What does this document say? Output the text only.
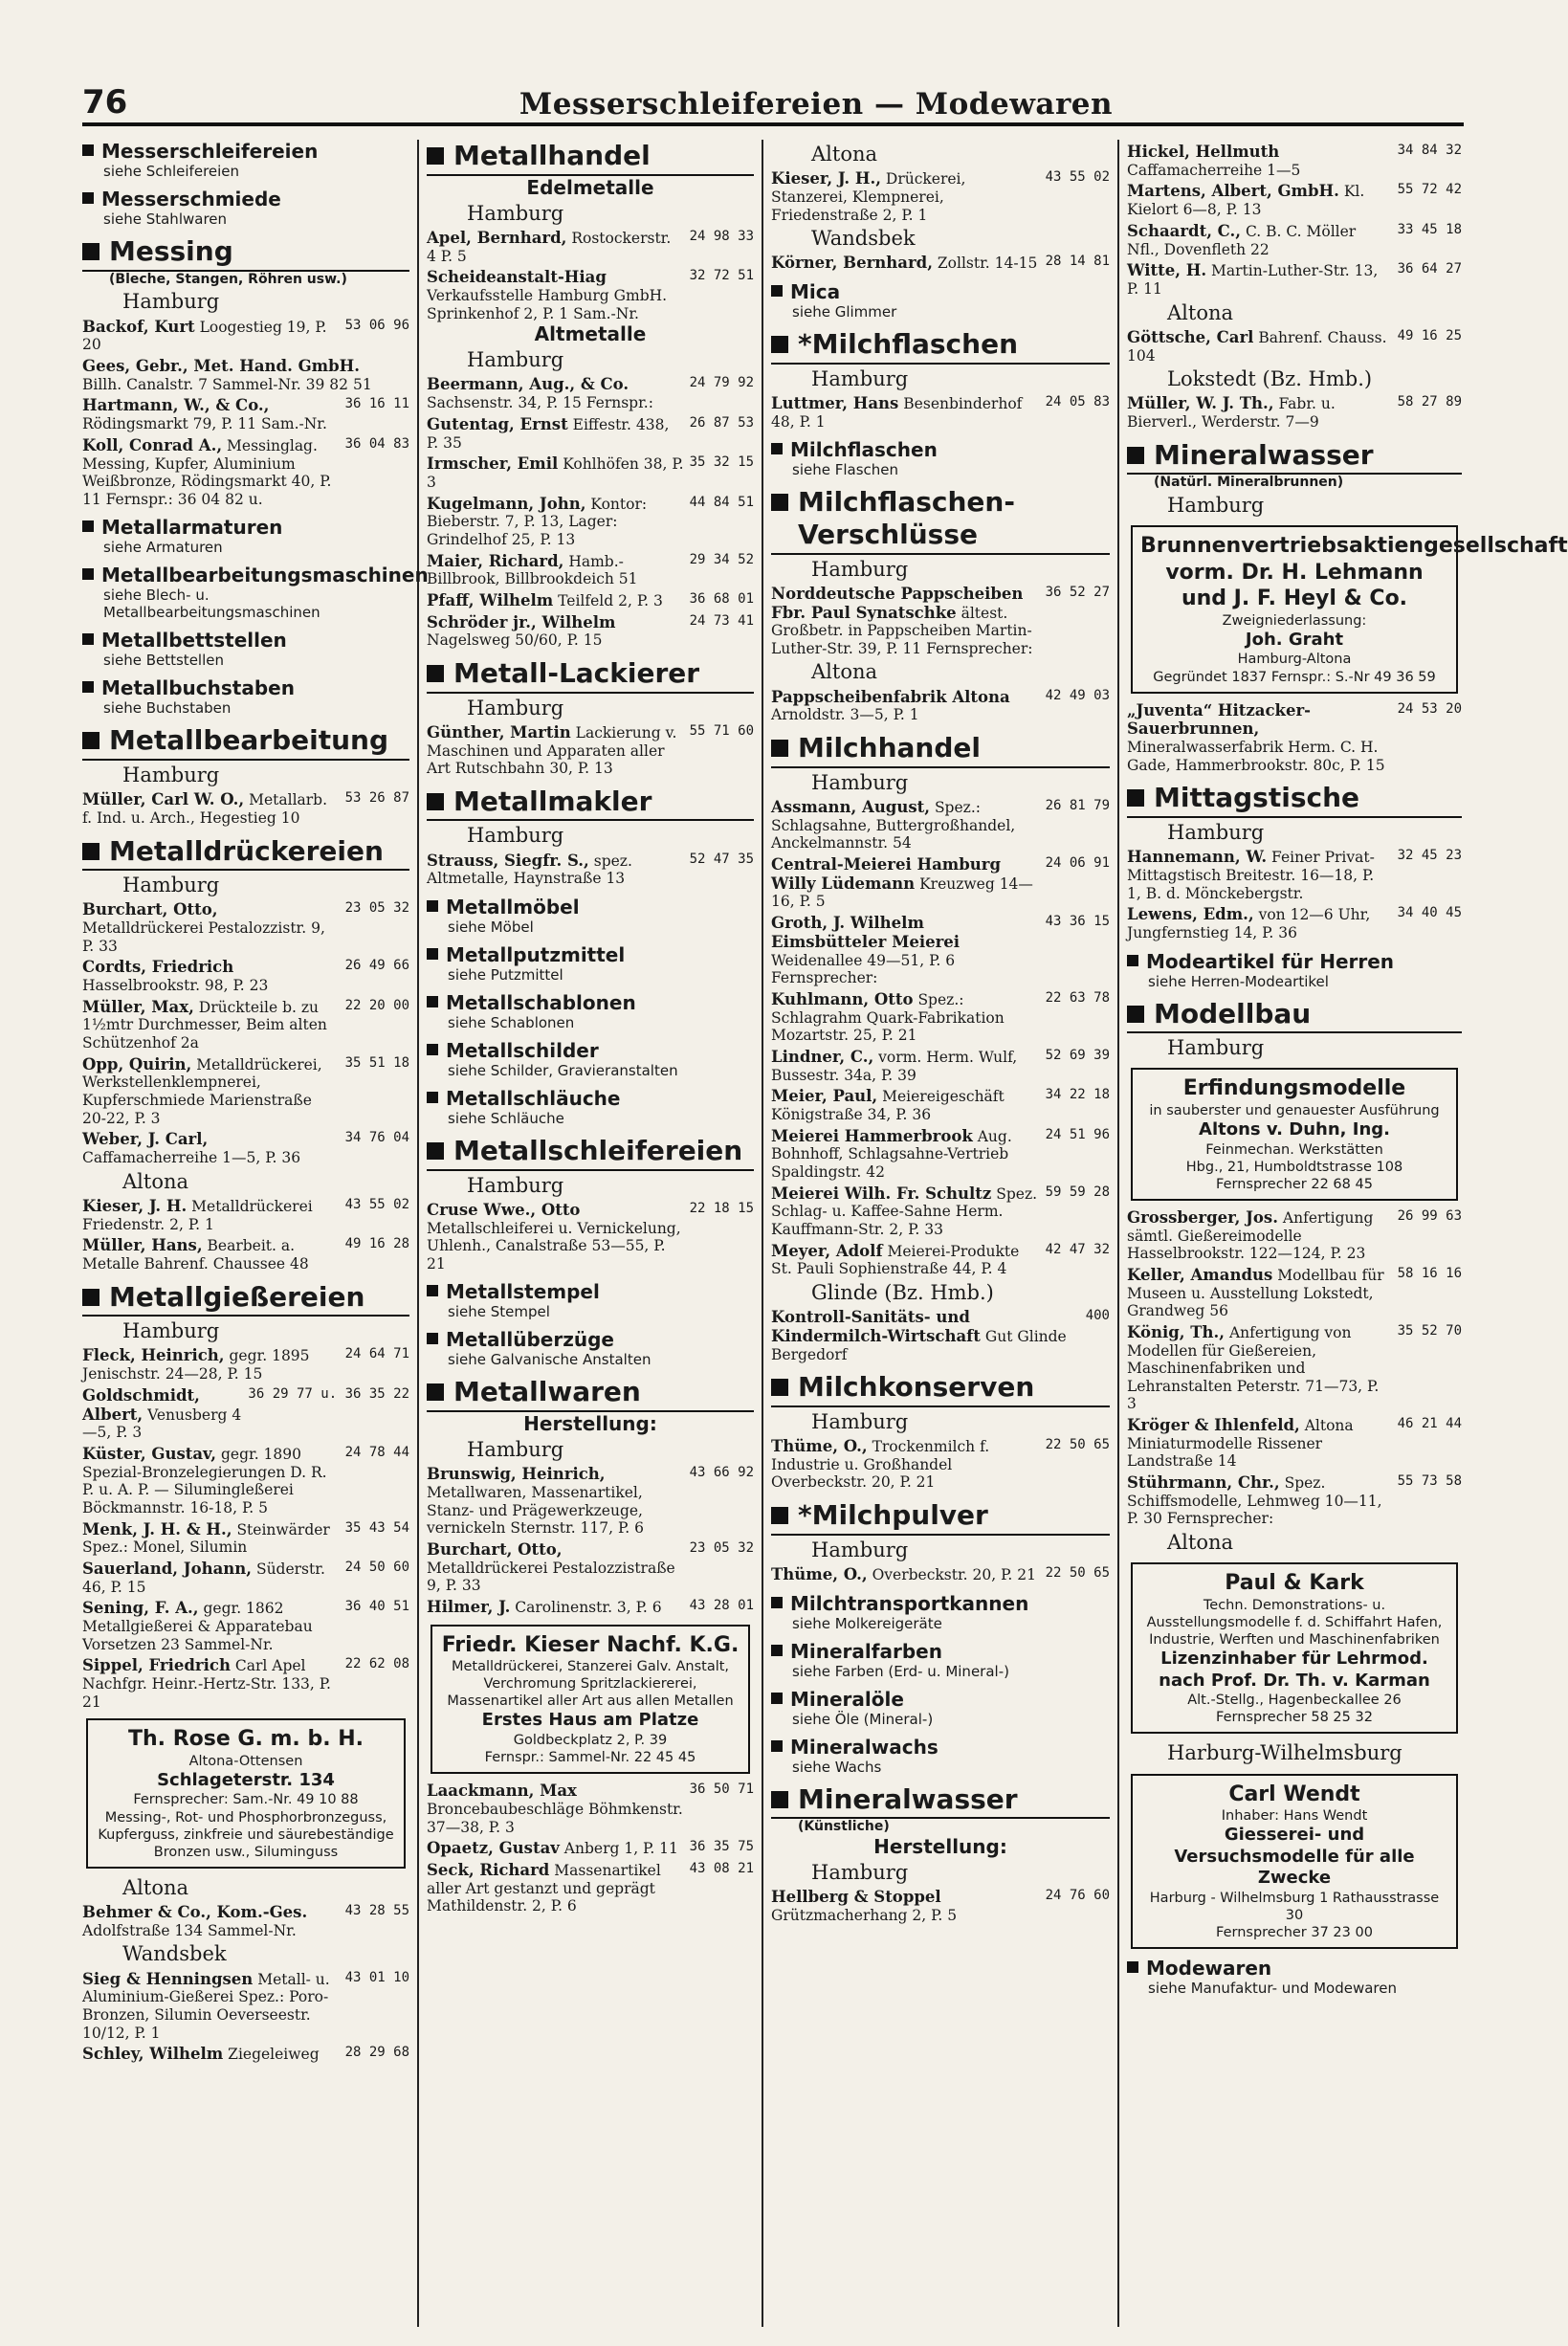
76	Messerschleifereien — Modewaren
Messerschleifereien
siehe Schleifereien
Messerschmiede
siehe Stahlwaren
Messing
(Bleche, Stangen, Röhren usw.)
Hamburg
Backof, Kurt Loogestieg 19, P. 20
53 06 96
Gees, Gebr., Met. Hand. GmbH. Billh. Canalstr. 7 Sammel-Nr. 39 82 51
Hartmann, W., & Co., Rödingsmarkt 79, P. 11 Sam.-Nr.
36 16 11
Koll, Conrad A., Messinglag. Messing, Kupfer, Aluminium Weißbronze, Rödingsmarkt 40, P. 11 Fernspr.: 36 04 82 u.
36 04 83
Metallarmaturen
siehe Armaturen
Metallbearbeitungsmaschinen
siehe Blech- u. Metallbearbeitungsmaschinen
Metallbettstellen
siehe Bettstellen
Metallbuchstaben
siehe Buchstaben
Metallbearbeitung
Hamburg
Müller, Carl W. O., Metallarb. f. Ind. u. Arch., Hegestieg 10
53 26 87
Metalldrückereien
Hamburg
Burchart, Otto, Metalldrückerei Pestalozzistr. 9, P. 33
23 05 32
Cordts, Friedrich Hasselbrookstr. 98, P. 23
26 49 66
Müller, Max, Drückteile b. zu 1½mtr Durchmesser, Beim alten Schützenhof 2a
22 20 00
Opp, Quirin, Metalldrückerei, Werkstellenklempnerei, Kupferschmiede Marienstraße 20-22, P. 3
35 51 18
Weber, J. Carl, Caffamacherreihe 1—5, P. 36
34 76 04
Altona
Kieser, J. H. Metalldrückerei Friedenstr. 2, P. 1
43 55 02
Müller, Hans, Bearbeit. a. Metalle Bahrenf. Chaussee 48
49 16 28
Metallgießereien
Hamburg
Fleck, Heinrich, gegr. 1895 Jenischstr. 24—28, P. 15
24 64 71
Goldschmidt, Albert, Venusberg 4—5, P. 3
36 29 77 u. 36 35 22
Küster, Gustav, gegr. 1890 Spezial-Bronzelegierungen D. R. P. u. A. P. — Siluminglеßerei Böckmannstr. 16-18, P. 5
24 78 44
Menk, J. H. & H., Steinwärder Spez.: Monel, Silumin
35 43 54
Sauerland, Johann, Süderstr. 46, P. 15
24 50 60
Sening, F. A., gegr. 1862 Metallgießerei & Apparatebau Vorsetzen 23 Sammel-Nr.
36 40 51
Sippel, Friedrich Carl Apel Nachfgr. Heinr.-Hertz-Str. 133, P. 21
22 62 08
Th. Rose G. m. b. H.
Altona-Ottensen
Schlageterstr. 134
Fernsprecher: Sam.-Nr. 49 10 88
Messing-, Rot- und Phosphorbronzeguss, Kupferguss, zinkfreie und säurebeständige Bronzen usw., Siluminguss
Altona
Behmer & Co., Kom.-Ges. Adolfstraße 134 Sammel-Nr.
43 28 55
Wandsbek
Sieg & Henningsen Metall- u. Aluminium-Gießerei Spez.: Poro-Bronzen, Silumin Oeverseestr. 10/12, P. 1
43 01 10
Schley, Wilhelm Ziegeleiweg 28 29 68
Metallhandel
Edelmetalle
Hamburg
Apel, Bernhard, Rostockerstr. 4 P. 5
24 98 33
Scheideanstalt-Hiag Verkaufsstelle Hamburg GmbH. Sprinkenhof 2, P. 1 Sam.-Nr.
32 72 51
Altmetalle
Hamburg
Beermann, Aug., & Co. Sachsenstr. 34, P. 15 Fernspr.:
24 79 92
Gutentag, Ernst Eiffestr. 438, P. 35
26 87 53
Irmscher, Emil Kohlhöfen 38, P. 3
35 32 15
Kugelmann, John, Kontor: Bieberstr. 7, P. 13, Lager: Grindelhof 25, P. 13
44 84 51
Maier, Richard, Hamb.-Billbrook, Billbrookdeich 51
29 34 52
Pfaff, Wilhelm Teilfeld 2, P. 3 36 68 01
Schröder jr., Wilhelm Nagelsweg 50/60, P. 15
24 73 41
Metall-Lackierer
Hamburg
Günther, Martin Lackierung v. Maschinen und Apparaten aller Art Rutschbahn 30, P. 13
55 71 60
Metallmakler
Hamburg
Strauss, Siegfr. S., spez. Altmetalle, Haynstraße 13
52 47 35
Metallmöbel
siehe Möbel
Metallputzmittel
siehe Putzmittel
Metallschablonen
siehe Schablonen
Metallschilder
siehe Schilder, Gravieranstalten
Metallschläuche
siehe Schläuche
Metallschleifereien
Hamburg
Cruse Wwe., Otto Metallschleiferei u. Vernickelung, Uhlenh., Canalstraße 53—55, P. 21
22 18 15
Metallstempel
siehe Stempel
Metallüberzüge
siehe Galvanische Anstalten
Metallwaren
Herstellung:
Hamburg
Brunswig, Heinrich, Metallwaren, Massenartikel, Stanz- und Prägewerkzeuge, vernickeln Sternstr. 117, P. 6
43 66 92
Burchart, Otto, Metalldrückerei Pestalozzistraße 9, P. 33
23 05 32
Hilmer, J. Carolinenstr. 3, P. 6 43 28 01
Friedr. Kieser Nachf. K.G.
Metalldrückerei, Stanzerei Galv. Anstalt, Verchromung Spritzlackiererei, Massenartikel aller Art aus allen Metallen
Erstes Haus am Platze
Goldbeckplatz 2, P. 39
Fernspr.: Sammel-Nr. 22 45 45
Laackmann, Max Broncebaubeschläge Böhmkenstr. 37—38, P. 3
36 50 71
Opaetz, Gustav Anberg 1, P. 11 36 35 75
Seck, Richard Massenartikel aller Art gestanzt und geprägt Mathildenstr. 2, P. 6
43 08 21
Altona
Kieser, J. H., Drückerei, Stanzerei, Klempnerei, Friedenstraße 2, P. 1
43 55 02
Wandsbek
Körner, Bernhard, Zollstr. 14-15 28 14 81
Mica
siehe Glimmer
*Milchflaschen
Hamburg
Luttmer, Hans Besenbinderhof 48, P. 1
24 05 83
Milchflaschen
siehe Flaschen
Milchflaschen-Verschlüsse
Hamburg
Norddeutsche Pappscheiben Fbr. Paul Synatschke ältest. Großbetr. in Pappscheiben Martin-Luther-Str. 39, P. 11 Fernsprecher:
36 52 27
Altona
Pappscheibenfabrik Altona Arnoldstr. 3—5, P. 1
42 49 03
Milchhandel
Hamburg
Assmann, August, Spez.: Schlagsahne, Buttergroßhandel, Anckelmannstr. 54
26 81 79
Central-Meierei Hamburg Willy Lüdemann Kreuzweg 14—16, P. 5
24 06 91
Groth, J. Wilhelm Eimsbütteler Meierei Weidenallee 49—51, P. 6 Fernsprecher:
43 36 15
Kuhlmann, Otto Spez.: Schlagrahm Quark-Fabrikation Mozartstr. 25, P. 21
22 63 78
Lindner, C., vorm. Herm. Wulf, Bussestr. 34a, P. 39
52 69 39
Meier, Paul, Meiereigeschäft Königstraße 34, P. 36
34 22 18
Meierei Hammerbrook Aug. Bohnhoff, Schlagsahne-Vertrieb Spaldingstr. 42
24 51 96
Meierei Wilh. Fr. Schultz Spez. Schlag- u. Kaffee-Sahne Herm. Kauffmann-Str. 2, P. 33
59 59 28
Meyer, Adolf Meierei-Produkte St. Pauli Sophienstraße 44, P. 4
42 47 32
Glinde (Bz. Hmb.)
Kontroll-Sanitäts- und Kindermilch-Wirtschaft Gut Glinde Bergedorf
400
Milchkonserven
Hamburg
Thüme, O., Trockenmilch f. Industrie u. Großhandel Overbeckstr. 20, P. 21
22 50 65
*Milchpulver
Hamburg
Thüme, O., Overbeckstr. 20, P. 21 22 50 65
Milchtransportkannen
siehe Molkereigeräte
Mineralfarben
siehe Farben (Erd- u. Mineral-)
Mineralöle
siehe Öle (Mineral-)
Mineralwachs
siehe Wachs
Mineralwasser
(Künstliche)
Herstellung:
Hamburg
Hellberg & Stoppel Grützmacherhang 2, P. 5
24 76 60
Hickel, Hellmuth Caffamacherreihe 1—5
34 84 32
Martens, Albert, GmbH. Kl. Kielort 6—8, P. 13
55 72 42
Schaardt, C., C. B. C. Möller Nfl., Dovenfleth 22
33 45 18
Witte, H. Martin-Luther-Str. 13, P. 11
36 64 27
Altona
Göttsche, Carl Bahrenf. Chauss. 104
49 16 25
Lokstedt (Bz. Hmb.)
Müller, W. J. Th., Fabr. u. Bierverl., Werderstr. 7—9
58 27 89
Mineralwasser
(Natürl. Mineralbrunnen)
Hamburg
Brunnenvertriebsaktiengesellschaft vorm. Dr. H. Lehmann und J. F. Heyl & Co.
Zweigniederlassung:
Joh. Graht
Hamburg-Altona
Gegründet 1837 Fernspr.: S.-Nr 49 36 59
„Juventa“ Hitzacker-Sauerbrunnen, Mineralwasserfabrik Herm. C. H. Gade, Hammerbrookstr. 80c, P. 15
24 53 20
Mittagstische
Hamburg
Hannemann, W. Feiner Privat-Mittagstisch Breitestr. 16—18, P. 1, B. d. Mönckebergstr.
32 45 23
Lewens, Edm., von 12—6 Uhr, Jungfernstieg 14, P. 36
34 40 45
Modeartikel für Herren
siehe Herren-Modeartikel
Modellbau
Hamburg
Erfindungsmodelle
in sauberster und genauester Ausführung
Altons v. Duhn, Ing.
Feinmechan. Werkstätten
Hbg., 21, Humboldtstrasse 108 Fernsprecher 22 68 45
Grossberger, Jos. Anfertigung sämtl. Gießereimodelle Hasselbrookstr. 122—124, P. 23
26 99 63
Keller, Amandus Modellbau für Museen u. Ausstellung Lokstedt, Grandweg 56
58 16 16
König, Th., Anfertigung von Modellen für Gießereien, Maschinenfabriken und Lehranstalten Peterstr. 71—73, P. 3
35 52 70
Kröger & Ihlenfeld, Altona Miniaturmodelle Rissener Landstraße 14
46 21 44
Stührmann, Chr., Spez. Schiffsmodelle, Lehmweg 10—11, P. 30 Fernsprecher:
55 73 58
Altona
Paul & Kark
Techn. Demonstrations- u. Ausstellungsmodelle f. d. Schiffahrt Hafen, Industrie, Werften und Maschinenfabriken
Lizenzinhaber für Lehrmod. nach Prof. Dr. Th. v. Karman
Alt.-Stellg., Hagenbeckallee 26
Fernsprecher 58 25 32
Harburg-Wilhelmsburg
Carl Wendt
Inhaber: Hans Wendt
Giesserei- und Versuchsmodelle für alle Zwecke
Harburg - Wilhelmsburg 1 Rathausstrasse 30
Fernsprecher 37 23 00
Modewaren
siehe Manufaktur- und Modewaren
